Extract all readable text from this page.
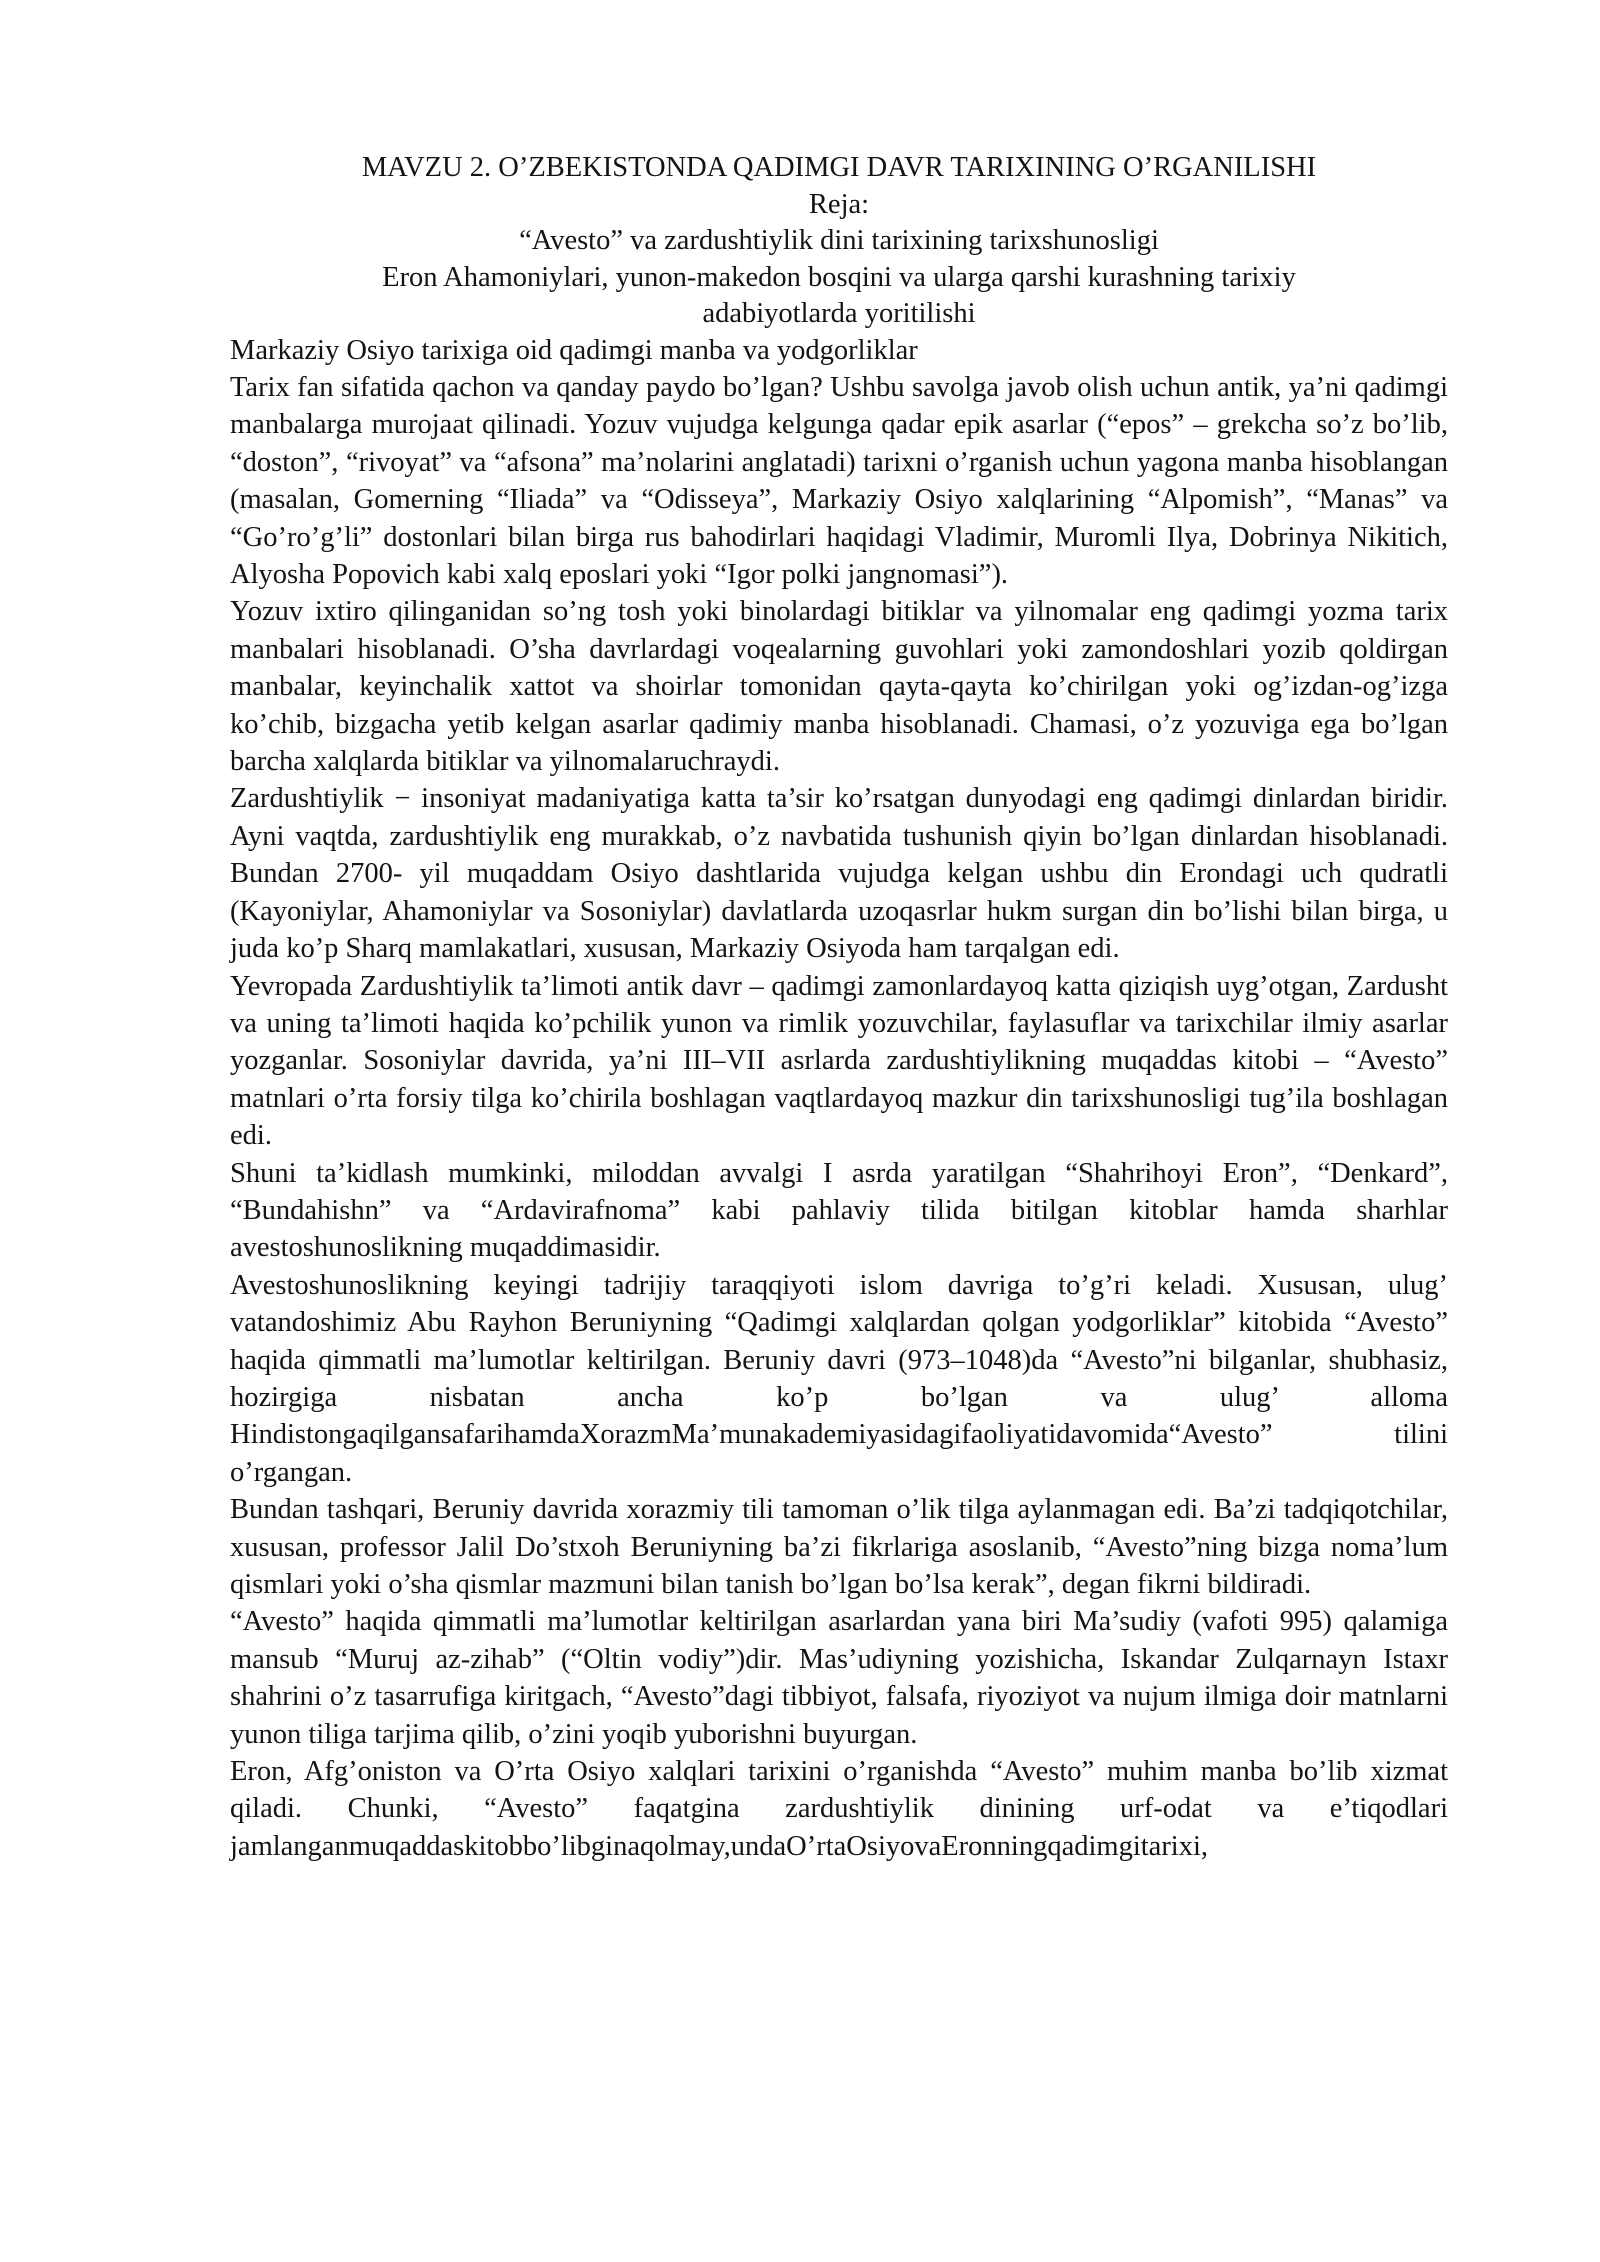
MAVZU 2. O’ZBEKISTONDA QADIMGI DAVR TARIXINING O’RGANILISHI

Reja:

“Avesto” va zardushtiylik dini tarixining tarixshunosligi

Eron Ahamoniylari, yunon-makedon bosqini va ularga qarshi kurashning tarixiy adabiyotlarda yoritilishi

Markaziy Osiyo tarixiga oid qadimgi manba va yodgorliklar

Tarix fan sifatida qachon va qanday paydo bo’lgan? Ushbu savolga javob olish uchun antik, ya’ni qadimgi manbalarga murojaat qilinadi. Yozuv vujudga kelgunga qadar epik asarlar (“epos” – grekcha so’z bo’lib, “doston”, “rivoyat” va “afsona” ma’nolarini anglatadi) tarixni o’rganish uchun yagona manba hisoblangan (masalan, Gomerning “Iliada” va “Odisseya”, Markaziy Osiyo xalqlarining “Alpomish”, “Manas” va “Go’ro’g’li” dostonlari bilan birga rus bahodirlari haqidagi Vladimir, Muromli Ilya, Dobrinya Nikitich, Alyosha Popovich kabi xalq eposlari yoki “Igor polki jangnomasi”).

Yozuv ixtiro qilinganidan so’ng tosh yoki binolardagi bitiklar va yilnomalar eng qadimgi yozma tarix manbalari hisoblanadi. O’sha davrlardagi voqealarning guvohlari yoki zamondoshlari yozib qoldirgan manbalar, keyinchalik xattot va shoirlar tomonidan qayta-qayta ko’chirilgan yoki og’izdan-og’izga ko’chib, bizgacha yetib kelgan asarlar qadimiy manba hisoblanadi. Chamasi, o’z yozuviga ega bo’lgan barcha xalqlarda bitiklar va yilnomalaruchraydi.

Zardushtiylik − insoniyat madaniyatiga katta ta’sir ko’rsatgan dunyodagi eng qadimgi dinlardan biridir. Ayni vaqtda, zardushtiylik eng murakkab, o’z navbatida tushunish qiyin bo’lgan dinlardan hisoblanadi. Bundan 2700- yil muqaddam Osiyo dashtlarida vujudga kelgan ushbu din Erondagi uch qudratli (Kayoniylar, Ahamoniylar va Sosoniylar) davlatlarda uzoqasrlar hukm surgan din bo’lishi bilan birga, u juda ko’p Sharq mamlakatlari, xususan, Markaziy Osiyoda ham tarqalgan edi.

Yevropada Zardushtiylik ta’limoti antik davr – qadimgi zamonlardayoq katta qiziqish uyg’otgan, Zardusht va uning ta’limoti haqida ko’pchilik yunon va rimlik yozuvchilar, faylasuflar va tarixchilar ilmiy asarlar yozganlar. Sosoniylar davrida, ya’ni III–VII asrlarda zardushtiylikning muqaddas kitobi – “Avesto” matnlari o’rta forsiy tilga ko’chirila boshlagan vaqtlardayoq mazkur din tarixshunosligi tug’ila boshlagan edi.

Shuni ta’kidlash mumkinki, miloddan avvalgi I asrda yaratilgan “Shahrihoyi Eron”, “Denkard”, “Bundahishn” va “Ardavirafnoma” kabi pahlaviy tilida bitilgan kitoblar hamda sharhlar avestoshunoslikning muqaddimasidir.

Avestoshunoslikning keyingi tadrijiy taraqqiyoti islom davriga to’g’ri keladi. Xususan, ulug’ vatandoshimiz Abu Rayhon Beruniyning “Qadimgi xalqlardan qolgan yodgorliklar” kitobida “Avesto” haqida qimmatli ma’lumotlar keltirilgan. Beruniy davri (973–1048)da “Avesto”ni bilganlar, shubhasiz, hozirgiga nisbatan ancha ko’p bo’lgan va ulug’ alloma HindistongaqilgansafarihamdaXorazmMa’munakademiyasidagifaoliyatidavomida“Avesto” tilini o’rgangan.

Bundan tashqari, Beruniy davrida xorazmiy tili tamoman o’lik tilga aylanmagan edi. Ba’zi tadqiqotchilar, xususan, professor Jalil Do’stxoh Beruniyning ba’zi fikrlariga asoslanib, “Avesto”ning bizga noma’lum qismlari yoki o’sha qismlar mazmuni bilan tanish bo’lgan bo’lsa kerak”, degan fikrni bildiradi.

“Avesto” haqida qimmatli ma’lumotlar keltirilgan asarlardan yana biri Ma’sudiy (vafoti 995) qalamiga mansub “Muruj az-zihab” (“Oltin vodiy”)dir. Mas’udiyning yozishicha, Iskandar Zulqarnayn Istaxr shahrini o’z tasarrufiga kiritgach, “Avesto”dagi tibbiyot, falsafa, riyoziyot va nujum ilmiga doir matnlarni yunon tiliga tarjima qilib, o’zini yoqib yuborishni buyurgan.

Eron, Afg’oniston va O’rta Osiyo xalqlari tarixini o’rganishda “Avesto” muhim manba bo’lib xizmat qiladi. Chunki, “Avesto” faqatgina zardushtiylik dinining urf-odat va e’tiqodlari jamlanganmuqaddaskitobbo’libginaqolmay,undaO’rtaOsiyovaEronningqadimgitarixi,
